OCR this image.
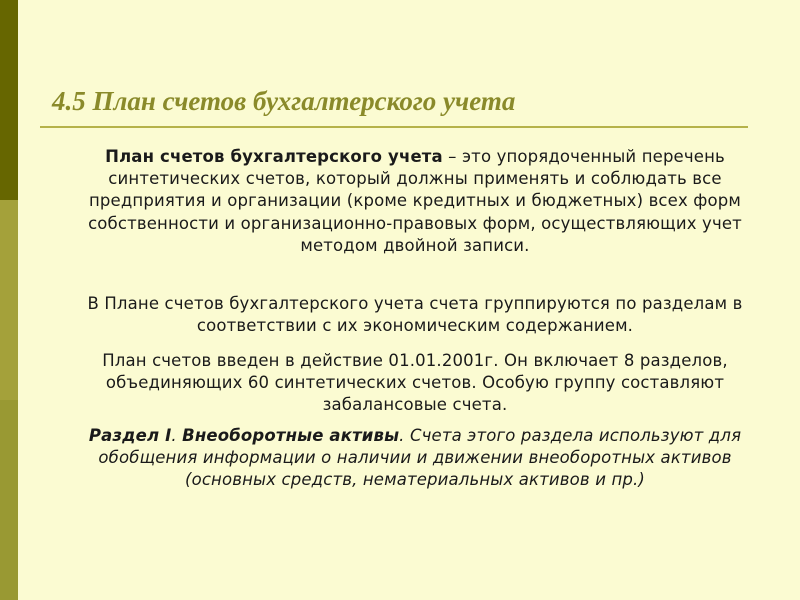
4.5 План счетов бухгалтерского учета

План счетов бухгалтерского учета – это упорядоченный перечень синтетических счетов, который должны применять и соблюдать все предприятия и организации (кроме кредитных и бюджетных) всех форм собственности и организационно-правовых форм, осуществляющих учет методом двойной записи.

В Плане счетов бухгалтерского учета счета группируются по разделам в соответствии с их экономическим содержанием.

План счетов введен в действие 01.01.2001г. Он включает 8 разделов, объединяющих 60 синтетических счетов. Особую группу составляют забалансовые счета.

Раздел I. Внеоборотные активы. Счета этого раздела используют для обобщения информации о наличии и движении внеоборотных активов (основных средств, нематериальных активов и пр.)
